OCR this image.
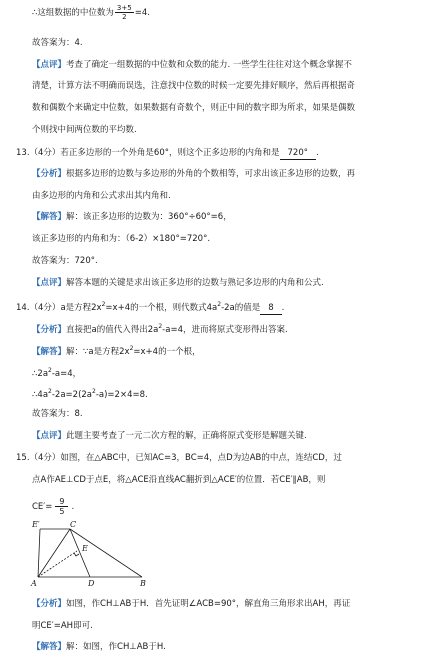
∴这组数据的中位数为 $\frac{3+5}{2} =4$.
故答案为：4.
【点评】考查了确定一组数据的中位数和众数的能力. 一些学生往往对这个概念掌握不
清楚，计算方法不明确而误选，注意找中位数的时候一定要先排好顺序，然后再根据奇
数和偶数个来确定中位数，如果数据有奇数个，则正中间的数字即为所求，如果是偶数
个则找中间两位数的平均数.
13.（4分）若正多边形的一个外角是60°，则这个正多边形的内角和是 720° .
【分析】根据多边形的边数与多边形的外角的个数相等，可求出该正多边形的边数，再
由多边形的内角和公式求出其内角和.
【解答】解：该正多边形的边数为：360°÷60°=6，
该正多边形的内角和为：（6-2）×180°=720°.
故答案为：720°.
【点评】解答本题的关键是求出该正多边形的边数与熟记多边形的内角和公式.
14.（4分）a是方程$2x^2=x+4$的一个根，则代数式$4a^2-2a$的值是 8 .
【分析】直接把a的值代入得出$2a^2-a=4$，进而将原式变形得出答案.
【解答】解：∵a是方程$2x^2=x+4$的一个根，
$\therefore 2a^2-a=4$，
$\therefore 4a^2-2a=2(2a^2-a)=2\times 4=8$.
故答案为：8.
【点评】此题主要考查了一元二次方程的解，正确将原式变形是解题关键.
15.（4分）如图，在△ABC中，已知AC=3，BC=4，点D为边AB的中点，连结CD，过
点A作AE⊥CD于点E，将△ACE沿直线AC翻折到△ACE′的位置．若CE′∥AB，则
$CE'= \frac{9}{5}$ .
E′	C
E
A	D	B
【分析】如图，作CH⊥AB于H．首先证明∠ACB=90°，解直角三角形求出AH，再证
明CE′=AH即可.
【解答】解：如图，作CH⊥AB于H.
